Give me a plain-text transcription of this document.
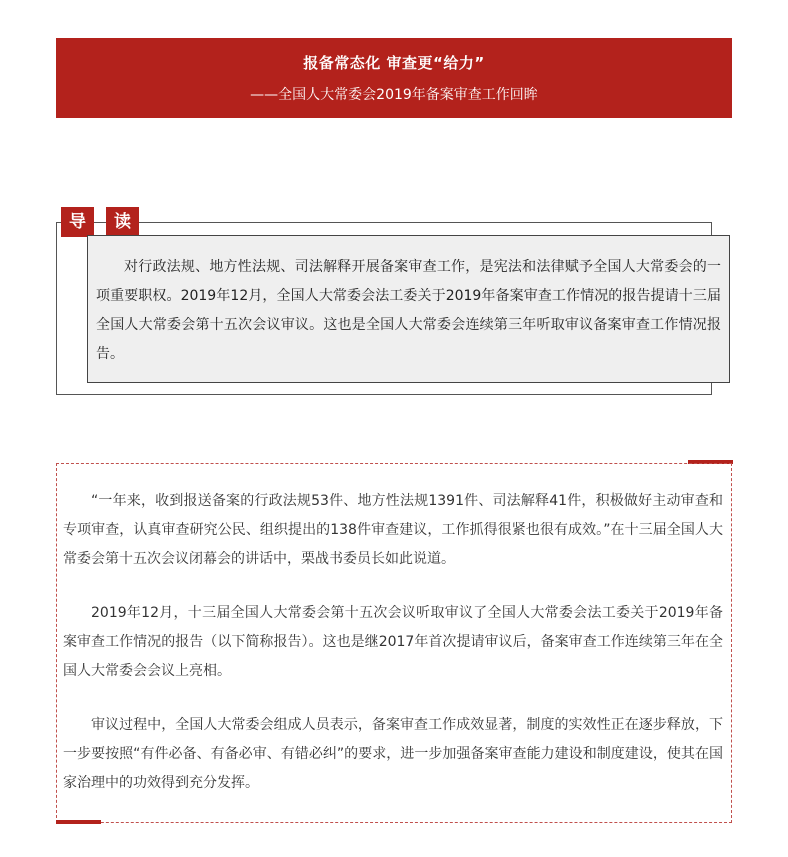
报备常态化 审查更“给力”
——全国人大常委会2019年备案审查工作回眸
导	读

对行政法规、地方性法规、司法解释开展备案审查工作，是宪法和法律赋予全国人大常委会的一项重要职权。2019年12月，全国人大常委会法工委关于2019年备案审查工作情况的报告提请十三届全国人大常委会第十五次会议审议。这也是全国人大常委会连续第三年听取审议备案审查工作情况报告。

“一年来，收到报送备案的行政法规53件、地方性法规1391件、司法解释41件，积极做好主动审查和专项审查，认真审查研究公民、组织提出的138件审查建议，工作抓得很紧也很有成效。”在十三届全国人大常委会第十五次会议闭幕会的讲话中，栗战书委员长如此说道。

2019年12月，十三届全国人大常委会第十五次会议听取审议了全国人大常委会法工委关于2019年备案审查工作情况的报告（以下简称报告）。这也是继2017年首次提请审议后，备案审查工作连续第三年在全国人大常委会会议上亮相。

审议过程中，全国人大常委会组成人员表示，备案审查工作成效显著，制度的实效性正在逐步释放，下一步要按照“有件必备、有备必审、有错必纠”的要求，进一步加强备案审查能力建设和制度建设，使其在国家治理中的功效得到充分发挥。
